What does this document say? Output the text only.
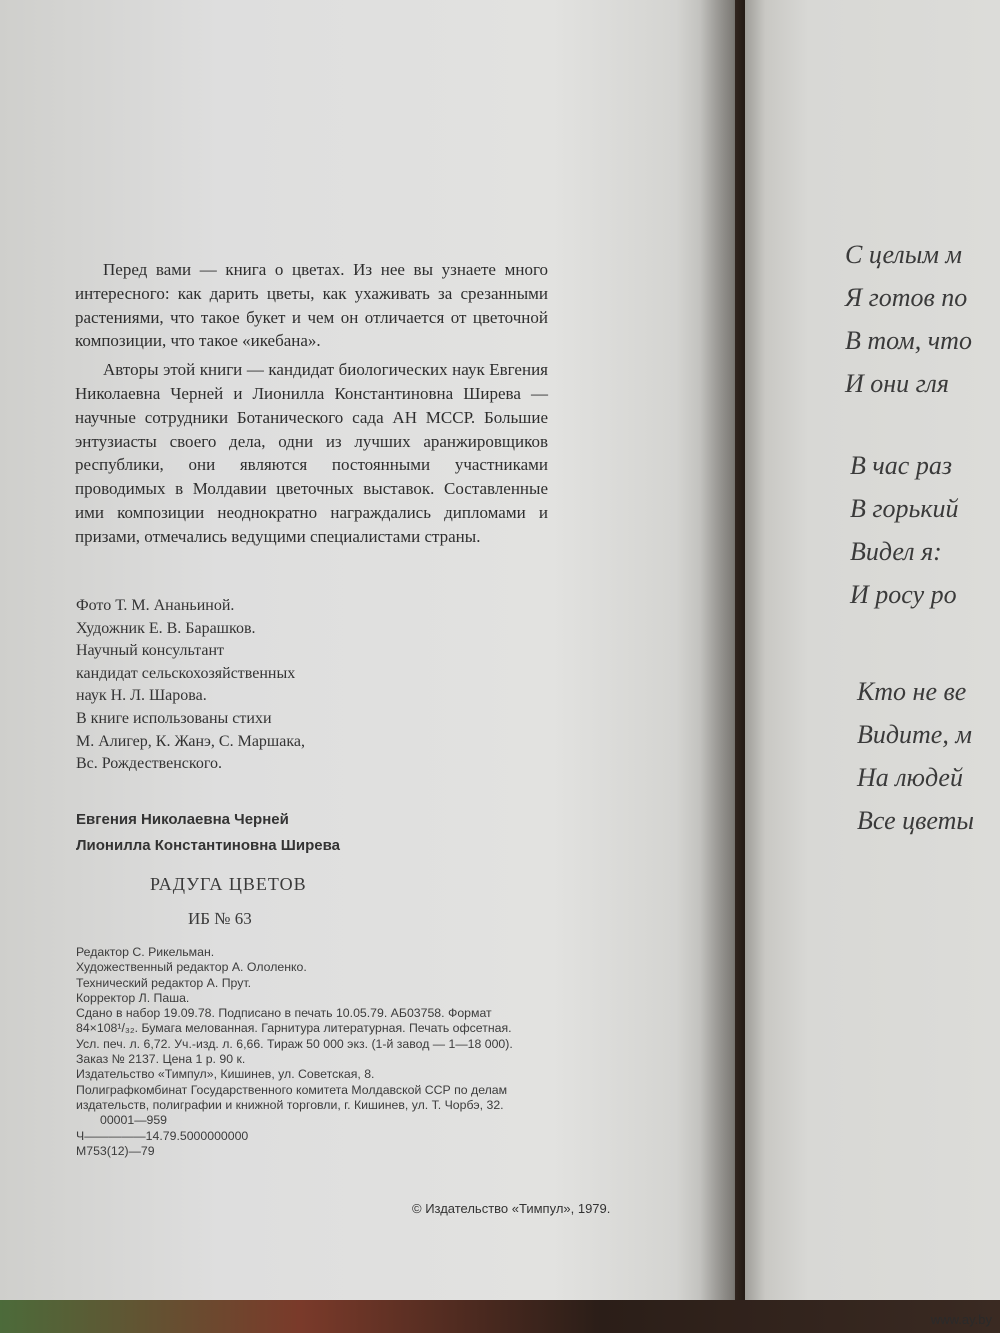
Перед вами — книга о цветах. Из нее вы узнаете много интересного: как дарить цветы, как ухаживать за срезанными растениями, что такое букет и чем он отличается от цветочной композиции, что такое «икебана».

Авторы этой книги — кандидат биологических наук Евгения Николаевна Черней и Лионилла Константиновна Ширева — научные сотрудники Ботанического сада АН МССР. Большие энтузиасты своего дела, одни из лучших аранжировщиков республики, они являются постоянными участниками проводимых в Молдавии цветочных выставок. Составленные ими композиции неоднократно награждались дипломами и призами, отмечались ведущими специалистами страны.

Фото Т. М. Ананьиной.
Художник Е. В. Барашков.
Научный консультант
кандидат сельскохозяйственных
наук Н. Л. Шарова.
В книге использованы стихи
М. Алигер, К. Жанэ, С. Маршака,
Вс. Рождественского.
Евгения Николаевна Черней
Лионилла Константиновна Ширева
РАДУГА ЦВЕТОВ
ИБ № 63
Редактор С. Рикельман.
Художественный редактор А. Ололенко.
Технический редактор А. Прут.
Корректор Л. Паша.
Сдано в набор 19.09.78. Подписано в печать 10.05.79. АБ03758. Формат
84×108¹/₃₂. Бумага мелованная. Гарнитура литературная. Печать офсетная.
Усл. печ. л. 6,72. Уч.-изд. л. 6,66. Тираж 50 000 экз. (1-й завод — 1—18 000).
Заказ № 2137. Цена 1 р. 90 к.
Издательство «Тимпул», Кишинев, ул. Советская, 8.
Полиграфкомбинат Государственного комитета Молдавской ССР по делам
издательств, полиграфии и книжной торговли, г. Кишинев, ул. Т. Чорбэ, 32.
00001—959
Ч—————14.79.5000000000
М753(12)—79
© Издательство «Тимпул», 1979.
С целым м
Я готов по
В том, что
И они гля
В час раз
В горький
Видел я:
И росу ро
Кто не ве
Видите, м
На людей
Все цветы
www.ay.by
